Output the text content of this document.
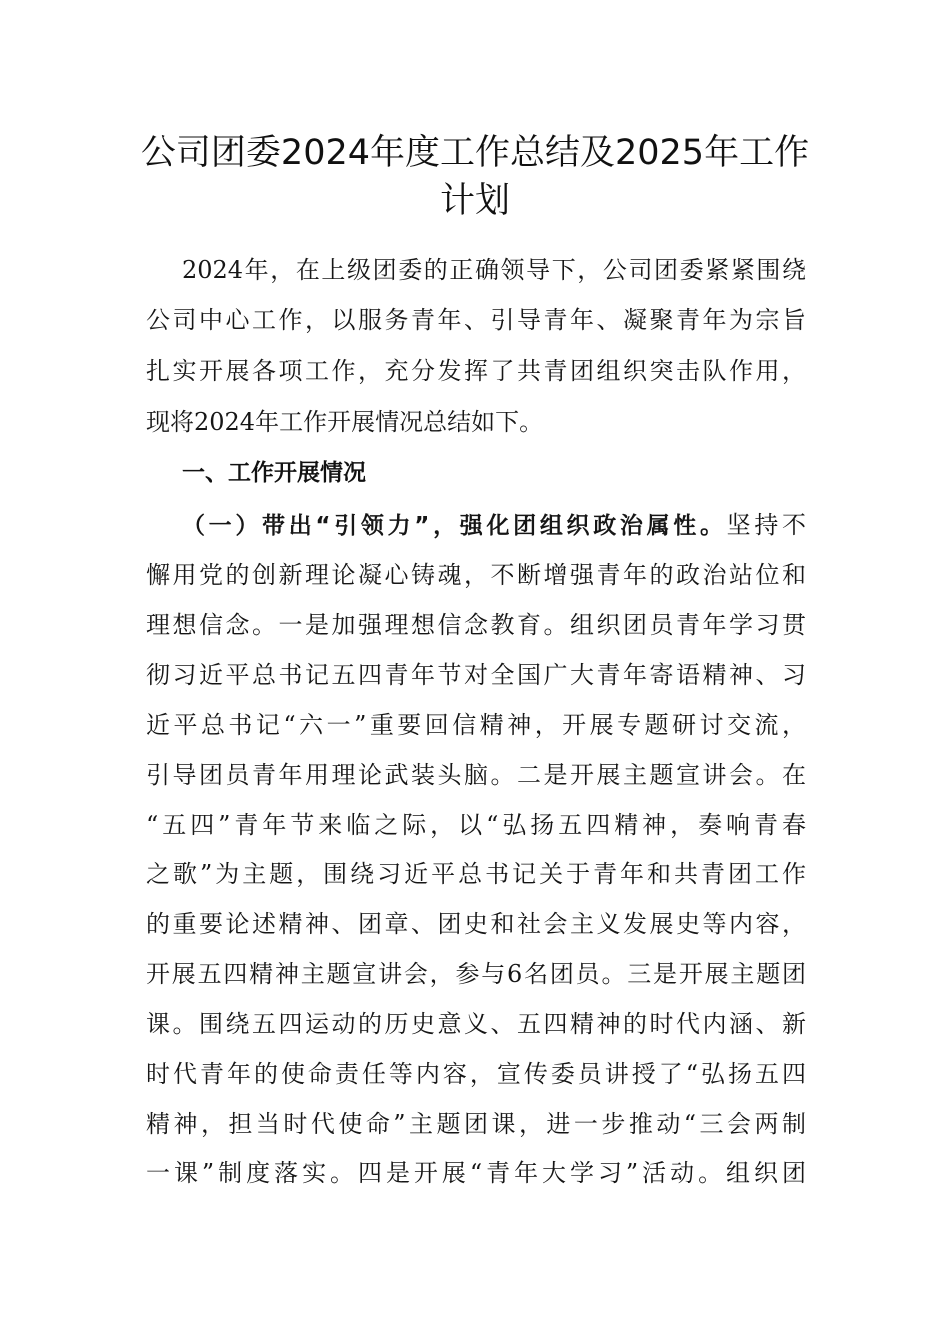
公司团委2024年度工作总结及2025年工作
计划
2024年，在上级团委的正确领导下，公司团委紧紧围绕
公司中心工作，以服务青年、引导青年、凝聚青年为宗旨
扎实开展各项工作，充分发挥了共青团组织突击队作用，
现将2024年工作开展情况总结如下。
一、工作开展情况
（一）带出“引领力”，强化团组织政治属性。坚持不
懈用党的创新理论凝心铸魂，不断增强青年的政治站位和
理想信念。一是加强理想信念教育。组织团员青年学习贯
彻习近平总书记五四青年节对全国广大青年寄语精神、习
近平总书记“六一”重要回信精神，开展专题研讨交流，
引导团员青年用理论武装头脑。二是开展主题宣讲会。在
“五四”青年节来临之际，以“弘扬五四精神，奏响青春
之歌”为主题，围绕习近平总书记关于青年和共青团工作
的重要论述精神、团章、团史和社会主义发展史等内容，
开展五四精神主题宣讲会，参与6名团员。三是开展主题团
课。围绕五四运动的历史意义、五四精神的时代内涵、新
时代青年的使命责任等内容，宣传委员讲授了“弘扬五四
精神，担当时代使命”主题团课，进一步推动“三会两制
一课”制度落实。四是开展“青年大学习”活动。组织团
